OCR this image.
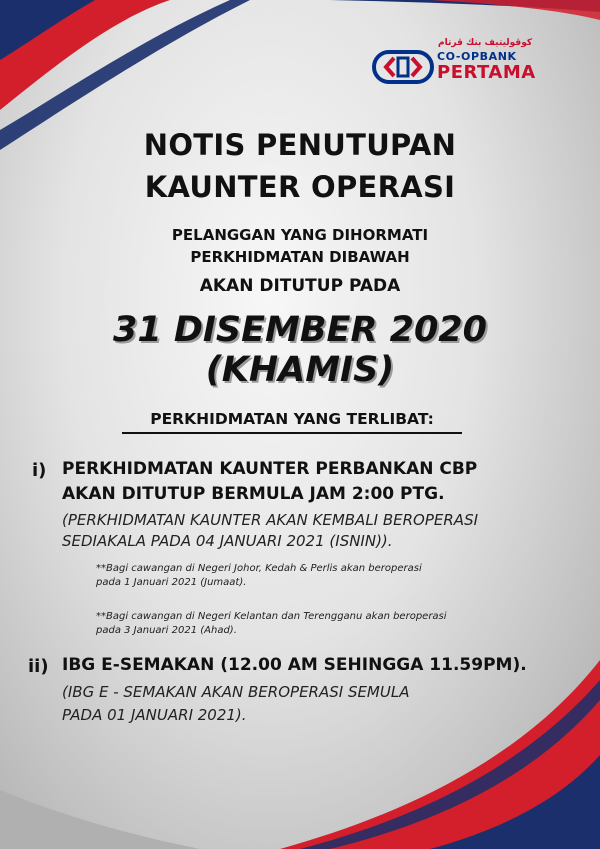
كوڤوليتيف بنك ڤرتام
CO-OPBANK
PERTAMA
NOTIS PENUTUPAN
KAUNTER OPERASI
PELANGGAN YANG DIHORMATI
PERKHIDMATAN DIBAWAH
AKAN DITUTUP PADA
31 DISEMBER 2020
(KHAMIS)
PERKHIDMATAN YANG TERLIBAT:
i) PERKHIDMATAN KAUNTER PERBANKAN CBP
AKAN DITUTUP BERMULA JAM 2:00 PTG.
(PERKHIDMATAN KAUNTER AKAN KEMBALI BEROPERASI
SEDIAKALA PADA 04 JANUARI 2021 (ISNIN)).
**Bagi cawangan di Negeri Johor, Kedah & Perlis akan beroperasi
pada 1 Januari 2021 (Jumaat).
**Bagi cawangan di Negeri Kelantan dan Terengganu akan beroperasi
pada 3 Januari 2021 (Ahad).
ii) IBG E-SEMAKAN (12.00 AM SEHINGGA 11.59PM).
(IBG E - SEMAKAN AKAN BEROPERASI SEMULA
PADA 01 JANUARI 2021).
